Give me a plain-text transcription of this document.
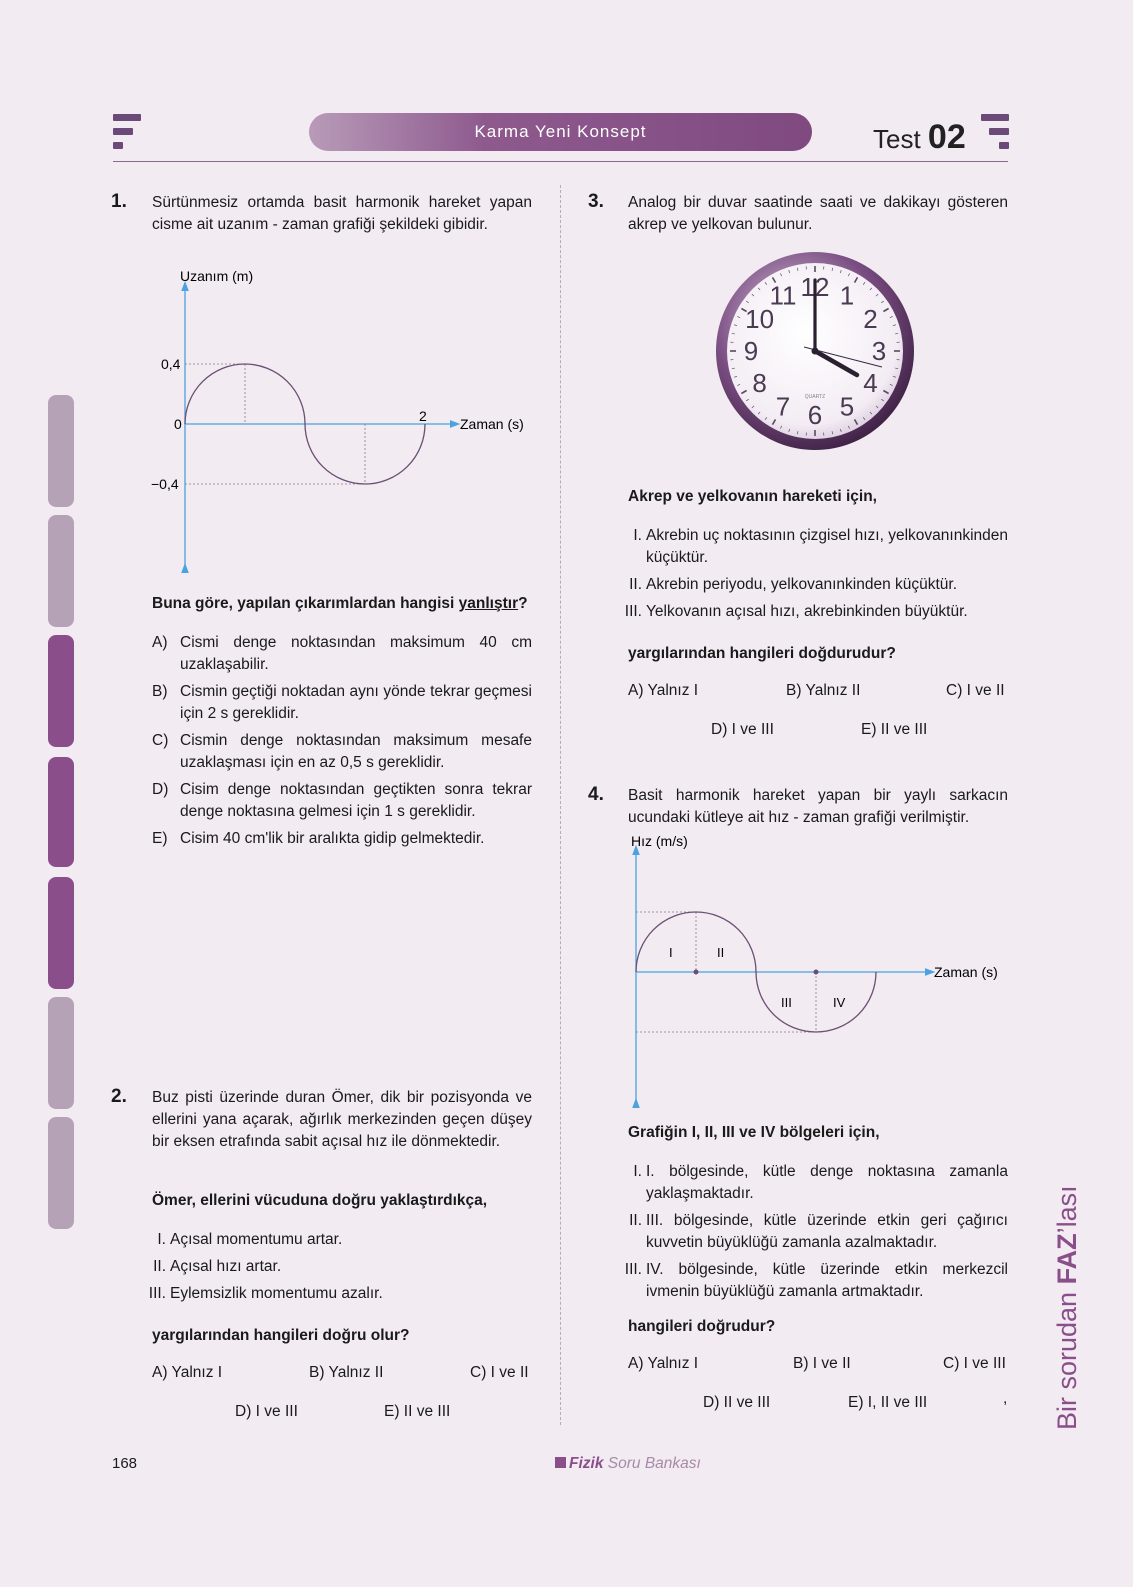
Karma Yeni Konsept	Test 02
1. Sürtünmesiz ortamda basit harmonik hareket yapan cisme ait uzanım - zaman grafiği şekildeki gibidir.
Uzanım (m)
0,4
0
−0,4
2 Zaman (s)
Buna göre, yapılan çıkarımlardan hangisi yanlıştır?
A) Cismi denge noktasından maksimum 40 cm uzaklaşabilir.
B) Cismin geçtiği noktadan aynı yönde tekrar geçmesi için 2 s gereklidir.
C) Cismin denge noktasından maksimum mesafe uzaklaşması için en az 0,5 s gereklidir.
D) Cisim denge noktasından geçtikten sonra tekrar denge noktasına gelmesi için 1 s gereklidir.
E) Cisim 40 cm'lik bir aralıkta gidip gelmektedir.
2. Buz pisti üzerinde duran Ömer, dik bir pozisyonda ve ellerini yana açarak, ağırlık merkezinden geçen düşey bir eksen etrafında sabit açısal hız ile dönmektedir.
Ömer, ellerini vücuduna doğru yaklaştırdıkça,
I. Açısal momentumu artar.
II. Açısal hızı artar.
III. Eylemsizlik momentumu azalır.
yargılarından hangileri doğru olur?
A) Yalnız I	B) Yalnız II	C) I ve II
D) I ve III	E) II ve III
3. Analog bir duvar saatinde saati ve dakikayı gösteren akrep ve yelkovan bulunur.
12 1
2
3
4
5
6
7
8
9
10
11
QUARTZ
Akrep ve yelkovanın hareketi için,
I. Akrebin uç noktasının çizgisel hızı, yelkovanınkinden küçüktür.
II. Akrebin periyodu, yelkovanınkinden küçüktür.
III. Yelkovanın açısal hızı, akrebinkinden büyüktür.
yargılarından hangileri doğdurudur?
A) Yalnız I	B) Yalnız II	C) I ve II
D) I ve III	E) II ve III
4. Basit harmonik hareket yapan bir yaylı sarkacın ucundaki kütleye ait hız - zaman grafiği verilmiştir.
Hız (m/s)
I	II
III	IV
Zaman (s)
Grafiğin I, II, III ve IV bölgeleri için,
I. I. bölgesinde, kütle denge noktasına zamanla yaklaşmaktadır.
II. III. bölgesinde, kütle üzerinde etkin geri çağırıcı kuvvetin büyüklüğü zamanla azalmaktadır.
III. IV. bölgesinde, kütle üzerinde etkin merkezcil ivmenin büyüklüğü zamanla artmaktadır.
hangileri doğrudur?
A) Yalnız I	B) I ve II	C) I ve III
D) II ve III	E) I, II ve III	, Bir sorudan FAZ’lası
168	Fizik Soru Bankası
